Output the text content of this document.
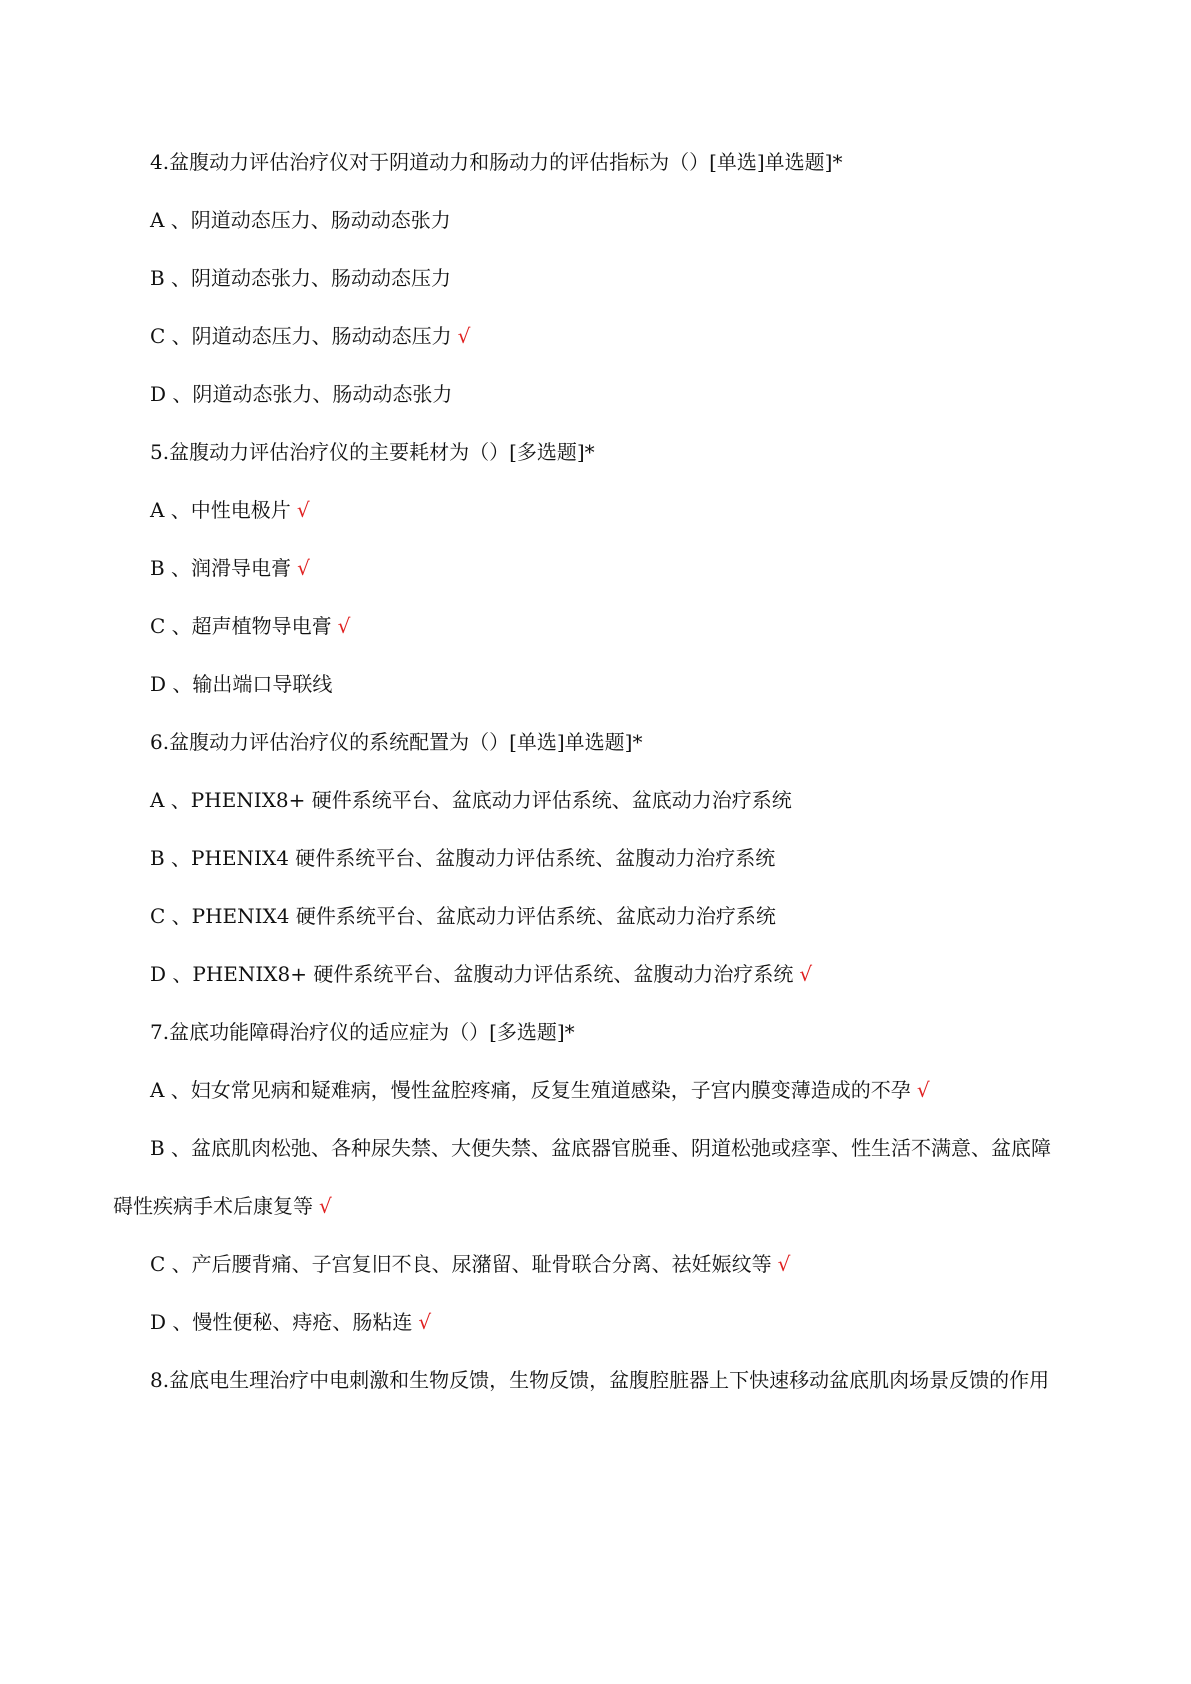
4.盆腹动力评估治疗仪对于阴道动力和肠动力的评估指标为（）[单选]单选题]*
A 、阴道动态压力、肠动动态张力
B 、阴道动态张力、肠动动态压力
C 、阴道动态压力、肠动动态压力 √
D 、阴道动态张力、肠动动态张力
5.盆腹动力评估治疗仪的主要耗材为（）[多选题]*
A 、中性电极片 √
B 、润滑导电膏 √
C 、超声植物导电膏 √
D 、输出端口导联线
6.盆腹动力评估治疗仪的系统配置为（）[单选]单选题]*
A 、PHENIX8+ 硬件系统平台、盆底动力评估系统、盆底动力治疗系统
B 、PHENIX4 硬件系统平台、盆腹动力评估系统、盆腹动力治疗系统
C 、PHENIX4 硬件系统平台、盆底动力评估系统、盆底动力治疗系统
D 、PHENIX8+ 硬件系统平台、盆腹动力评估系统、盆腹动力治疗系统 √
7.盆底功能障碍治疗仪的适应症为（）[多选题]*
A 、妇女常见病和疑难病，慢性盆腔疼痛，反复生殖道感染，子宫内膜变薄造成的不孕 √
B 、盆底肌肉松弛、各种尿失禁、大便失禁、盆底器官脱垂、阴道松弛或痉挛、性生活不满意、盆底障
碍性疾病手术后康复等 √
C 、产后腰背痛、子宫复旧不良、尿潴留、耻骨联合分离、祛妊娠纹等 √
D 、慢性便秘、痔疮、肠粘连 √
8.盆底电生理治疗中电刺激和生物反馈，生物反馈，盆腹腔脏器上下快速移动盆底肌肉场景反馈的作用
